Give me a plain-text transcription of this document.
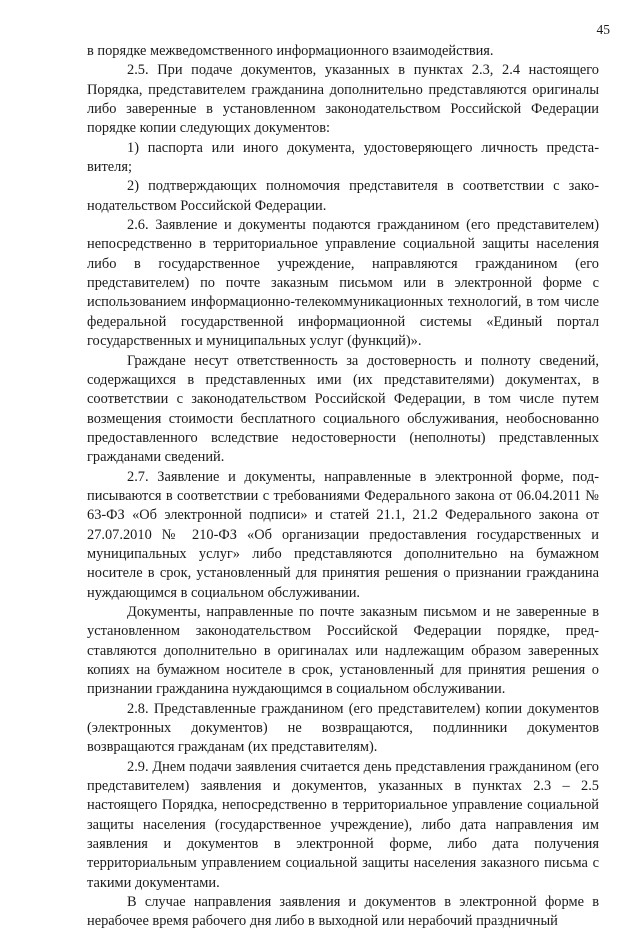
45

в порядке межведомственного информационного взаимодействия.

2.5. При подаче документов, указанных в пунктах 2.3, 2.4 настоящего Порядка, представителем гражданина дополнительно представляются оригиналы либо заверенные в установленном законодательством Российской Федерации порядке копии следующих документов:

1) паспорта или иного документа, удостоверяющего личность представителя;

2) подтверждающих полномочия представителя в соответствии с законодательством Российской Федерации.

2.6. Заявление и документы подаются гражданином (его представителем) непосредственно в территориальное управление социальной защиты населения либо в государственное учреждение, направляются гражданином (его представителем) по почте заказным письмом или в электронной форме с использованием информационно-телекоммуникационных технологий, в том числе федеральной государственной информационной системы «Единый портал государственных и муниципальных услуг (функций)».

Граждане несут ответственность за достоверность и полноту сведений, содержащихся в представленных ими (их представителями) документах, в соответствии с законодательством Российской Федерации, в том числе путем возмещения стоимости бесплатного социального обслуживания, необоснованно предоставленного вследствие недостоверности (неполноты) представленных гражданами сведений.

2.7. Заявление и документы, направленные в электронной форме, подписываются в соответствии с требованиями Федерального закона от 06.04.2011 № 63-ФЗ «Об электронной подписи» и статей 21.1, 21.2 Федерального закона от 27.07.2010 № 210-ФЗ «Об организации предоставления государственных и муниципальных услуг» либо представляются дополнительно на бумажном носителе в срок, установленный для принятия решения о признании гражданина нуждающимся в социальном обслуживании.

Документы, направленные по почте заказным письмом и не заверенные в установленном законодательством Российской Федерации порядке, представляются дополнительно в оригиналах или надлежащим образом заверенных копиях на бумажном носителе в срок, установленный для принятия решения о признании гражданина нуждающимся в социальном обслуживании.

2.8. Представленные гражданином (его представителем) копии документов (электронных документов) не возвращаются, подлинники документов возвращаются гражданам (их представителям).

2.9. Днем подачи заявления считается день представления гражданином (его представителем) заявления и документов, указанных в пунктах 2.3 – 2.5 настоящего Порядка, непосредственно в территориальное управление социальной защиты населения (государственное учреждение), либо дата направления им заявления и документов в электронной форме, либо дата получения территориальным управлением социальной защиты населения заказного письма с такими документами.

В случае направления заявления и документов в электронной форме в нерабочее время рабочего дня либо в выходной или нерабочий праздничный
